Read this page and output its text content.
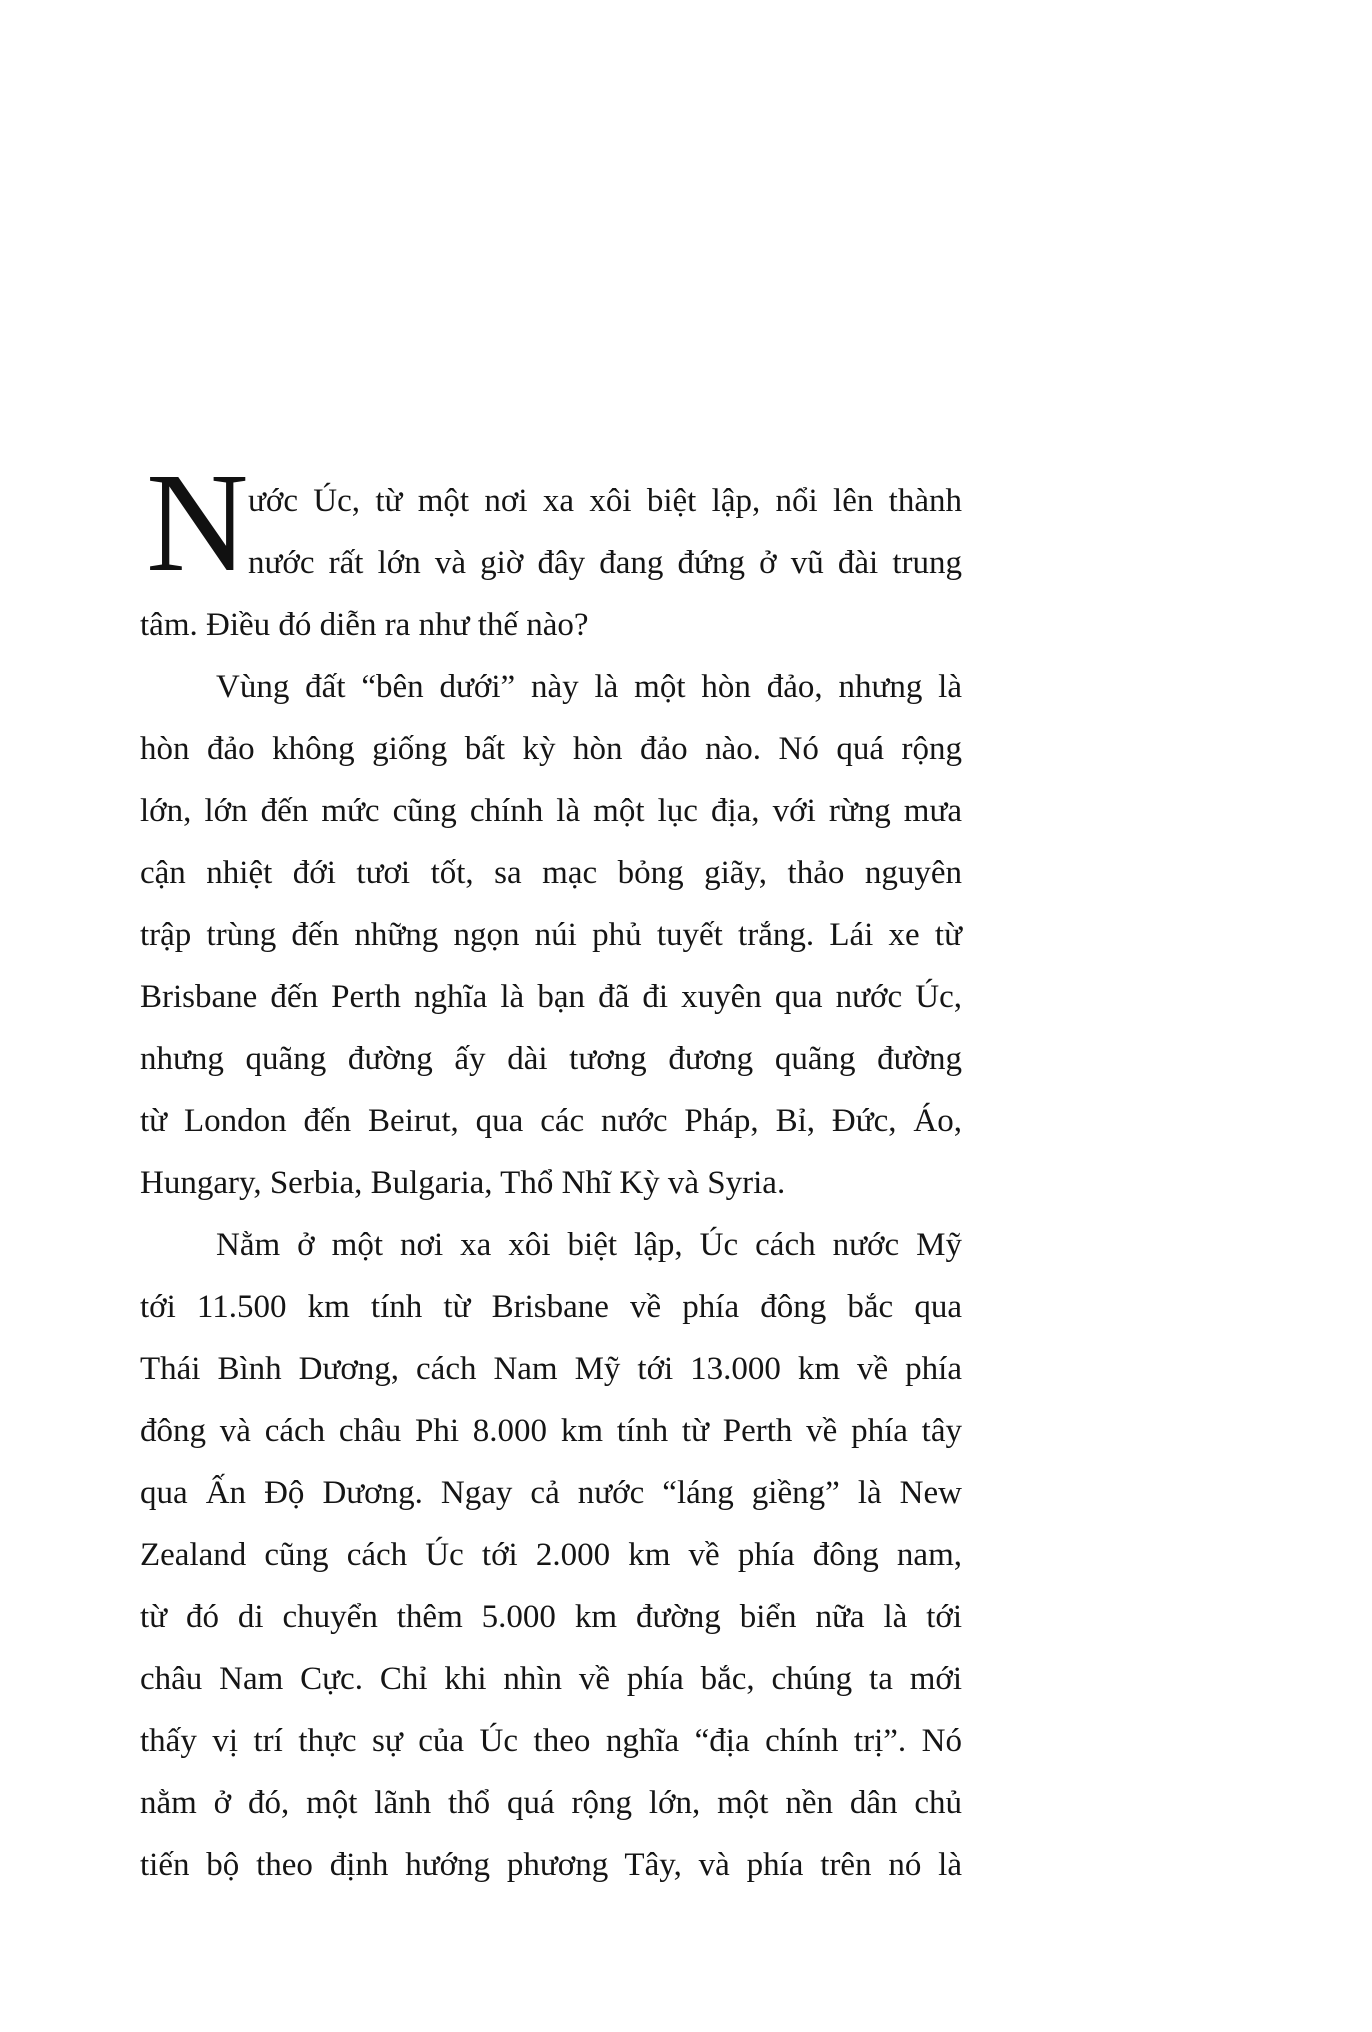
N ước Úc, từ một nơi xa xôi biệt lập, nổi lên thành
nước rất lớn và giờ đây đang đứng ở vũ đài trung
tâm. Điều đó diễn ra như thế nào?
Vùng đất “bên dưới” này là một hòn đảo, nhưng là
hòn đảo không giống bất kỳ hòn đảo nào. Nó quá rộng
lớn, lớn đến mức cũng chính là một lục địa, với rừng mưa
cận nhiệt đới tươi tốt, sa mạc bỏng giãy, thảo nguyên
trập trùng đến những ngọn núi phủ tuyết trắng. Lái xe từ
Brisbane đến Perth nghĩa là bạn đã đi xuyên qua nước Úc,
nhưng quãng đường ấy dài tương đương quãng đường
từ London đến Beirut, qua các nước Pháp, Bỉ, Đức, Áo,
Hungary, Serbia, Bulgaria, Thổ Nhĩ Kỳ và Syria.
Nằm ở một nơi xa xôi biệt lập, Úc cách nước Mỹ
tới 11.500 km tính từ Brisbane về phía đông bắc qua
Thái Bình Dương, cách Nam Mỹ tới 13.000 km về phía
đông và cách châu Phi 8.000 km tính từ Perth về phía tây
qua Ấn Độ Dương. Ngay cả nước “láng giềng” là New
Zealand cũng cách Úc tới 2.000 km về phía đông nam,
từ đó di chuyển thêm 5.000 km đường biển nữa là tới
châu Nam Cực. Chỉ khi nhìn về phía bắc, chúng ta mới
thấy vị trí thực sự của Úc theo nghĩa “địa chính trị”. Nó
nằm ở đó, một lãnh thổ quá rộng lớn, một nền dân chủ
tiến bộ theo định hướng phương Tây, và phía trên nó là
